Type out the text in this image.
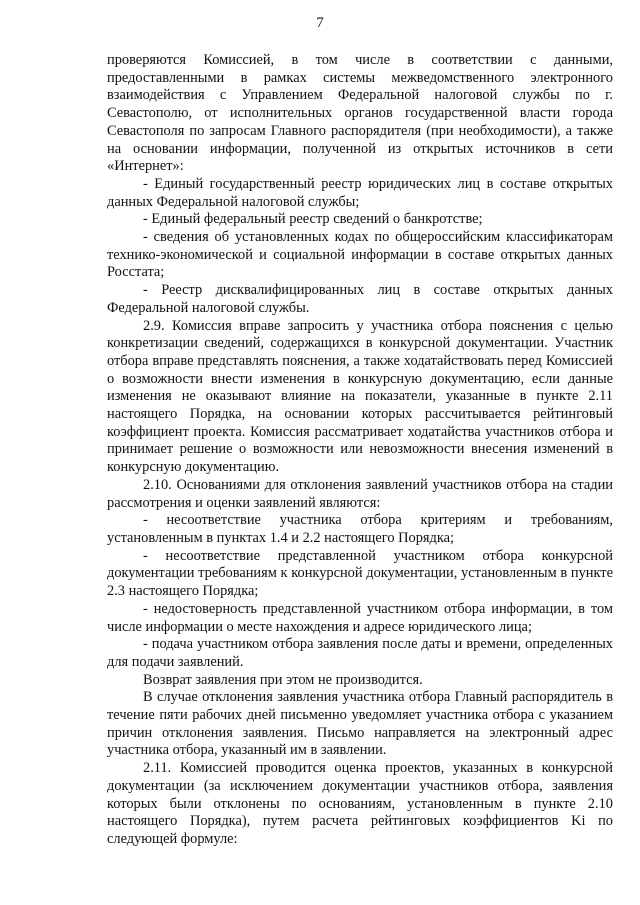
7

проверяются Комиссией, в том числе в соответствии с данными, предоставленными в рамках системы межведомственного электронного взаимодействия с Управлением Федеральной налоговой службы по г. Севастополю, от исполнительных органов государственной власти города Севастополя по запросам Главного распорядителя (при необходимости), а также на основании информации, полученной из открытых источников в сети «Интернет»:

- Единый государственный реестр юридических лиц в составе открытых данных Федеральной налоговой службы;

- Единый федеральный реестр сведений о банкротстве;

- сведения об установленных кодах по общероссийским классификаторам технико-экономической и социальной информации в составе открытых данных Росстата;

- Реестр дисквалифицированных лиц в составе открытых данных Федеральной налоговой службы.

2.9. Комиссия вправе запросить у участника отбора пояснения с целью конкретизации сведений, содержащихся в конкурсной документации. Участник отбора вправе представлять пояснения, а также ходатайствовать перед Комиссией о возможности внести изменения в конкурсную документацию, если данные изменения не оказывают влияние на показатели, указанные в пункте 2.11 настоящего Порядка, на основании которых рассчитывается рейтинговый коэффициент проекта. Комиссия рассматривает ходатайства участников отбора и принимает решение о возможности или невозможности внесения изменений в конкурсную документацию.

2.10. Основаниями для отклонения заявлений участников отбора на стадии рассмотрения и оценки заявлений являются:

- несоответствие участника отбора критериям и требованиям, установленным в пунктах 1.4 и 2.2 настоящего Порядка;

- несоответствие представленной участником отбора конкурсной документации требованиям к конкурсной документации, установленным в пункте 2.3 настоящего Порядка;

- недостоверность представленной участником отбора информации, в том числе информации о месте нахождения и адресе юридического лица;

- подача участником отбора заявления после даты и времени, определенных для подачи заявлений.

Возврат заявления при этом не производится.

В случае отклонения заявления участника отбора Главный распорядитель в течение пяти рабочих дней письменно уведомляет участника отбора с указанием причин отклонения заявления. Письмо направляется на электронный адрес участника отбора, указанный им в заявлении.

2.11. Комиссией проводится оценка проектов, указанных в конкурсной документации (за исключением документации участников отбора, заявления которых были отклонены по основаниям, установленным в пункте 2.10 настоящего Порядка), путем расчета рейтинговых коэффициентов Ki по следующей формуле:
